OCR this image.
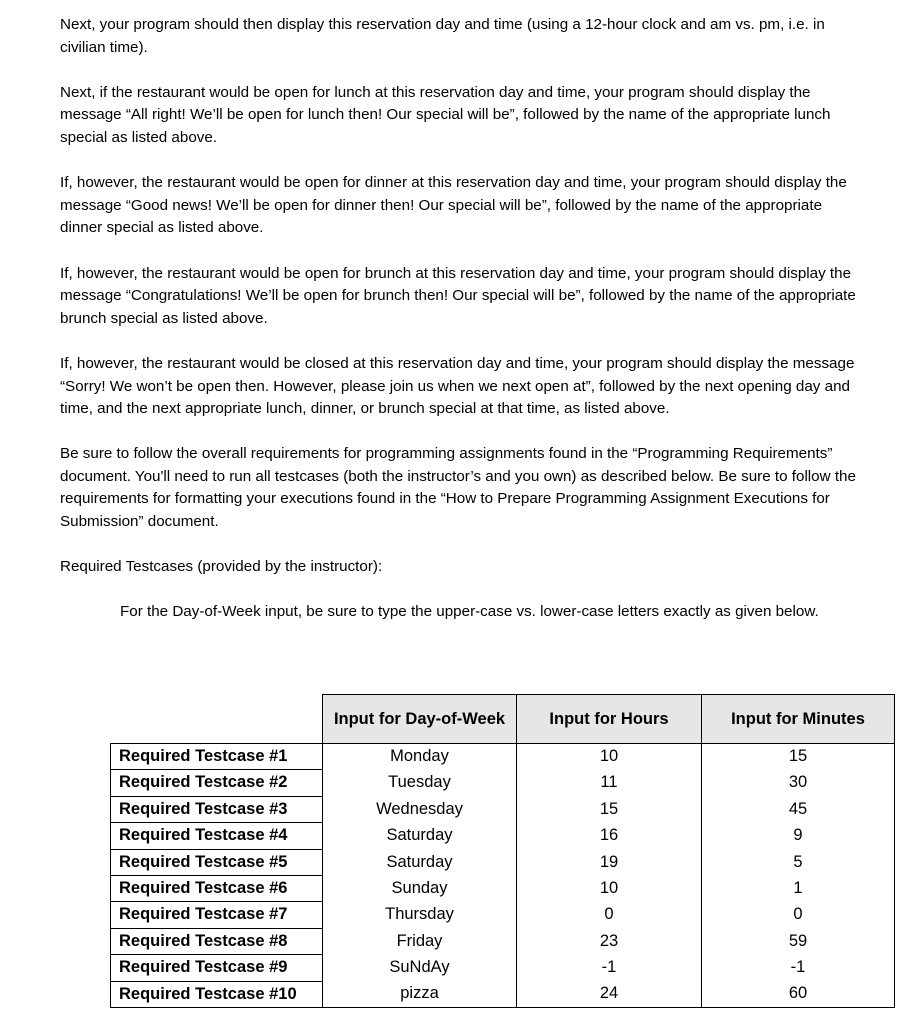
Next, your program should then display this reservation day and time (using a 12-hour clock and am vs. pm, i.e. in civilian time).

Next, if the restaurant would be open for lunch at this reservation day and time, your program should display the message “All right! We’ll be open for lunch then! Our special will be”, followed by the name of the appropriate lunch special as listed above.

If, however, the restaurant would be open for dinner at this reservation day and time, your program should display the message “Good news! We’ll be open for dinner then! Our special will be”, followed by the name of the appropriate dinner special as listed above.

If, however, the restaurant would be open for brunch at this reservation day and time, your program should display the message “Congratulations! We’ll be open for brunch then! Our special will be”, followed by the name of the appropriate brunch special as listed above.

If, however, the restaurant would be closed at this reservation day and time, your program should display the message “Sorry! We won’t be open then. However, please join us when we next open at”, followed by the next opening day and time, and the next appropriate lunch, dinner, or brunch special at that time, as listed above.

Be sure to follow the overall requirements for programming assignments found in the “Programming Requirements” document. You'll need to run all testcases (both the instructor’s and you own) as described below. Be sure to follow the requirements for formatting your executions found in the “How to Prepare Programming Assignment Executions for Submission” document.

Required Testcases (provided by the instructor):

For the Day-of-Week input, be sure to type the upper-case vs. lower-case letters exactly as given below.

	Input for Day-of-Week	Input for Hours	Input for Minutes
Required Testcase #1	Monday	10	15
Required Testcase #2	Tuesday	11	30
Required Testcase #3	Wednesday	15	45
Required Testcase #4	Saturday	16	9
Required Testcase #5	Saturday	19	5
Required Testcase #6	Sunday	10	1
Required Testcase #7	Thursday	0	0
Required Testcase #8	Friday	23	59
Required Testcase #9	SuNdAy	-1	-1
Required Testcase #10	pizza	24	60
